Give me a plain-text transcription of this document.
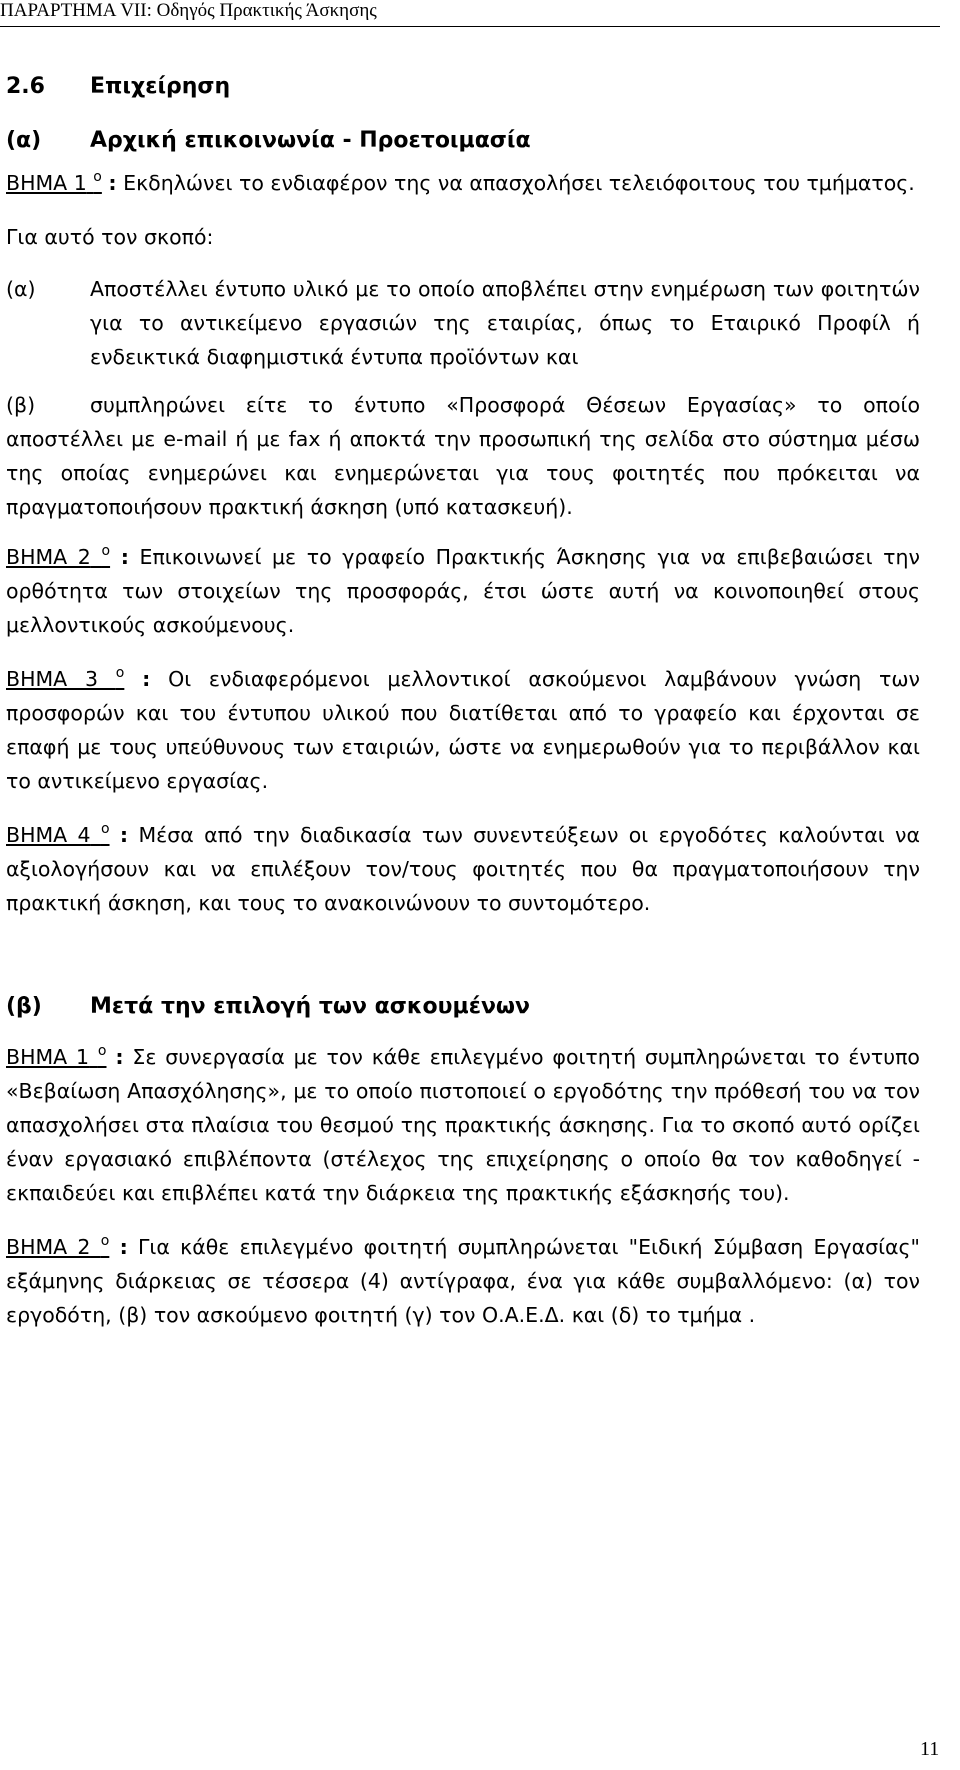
ΠΑΡΑΡΤΗΜΑ VII: Οδηγός Πρακτικής Άσκησης
2.6	Επιχείρηση
(α)	Αρχική επικοινωνία - Προετοιμασία

ΒΗΜΑ 1 $^o$ : Εκδηλώνει το ενδιαφέρον της να απασχολήσει τελειόφοιτους του τμήματος.

Για αυτό τον σκοπό:

(α)	Αποστέλλει έντυπο υλικό με το οποίο αποβλέπει στην ενημέρωση των φοιτητών για το αντικείμενο εργασιών της εταιρίας, όπως το Εταιρικό Προφίλ ή ενδεικτικά διαφημιστικά έντυπα προϊόντων και

(β)	συμπληρώνει είτε το έντυπο «Προσφορά Θέσεων Εργασίας» το οποίο αποστέλλει με e-mail ή με fax ή αποκτά την προσωπική της σελίδα στο σύστημα μέσω της οποίας ενημερώνει και ενημερώνεται για τους φοιτητές που πρόκειται να πραγματοποιήσουν πρακτική άσκηση (υπό κατασκευή).

ΒΗΜΑ 2 $^o$ : Επικοινωνεί με το γραφείο Πρακτικής Άσκησης για να επιβεβαιώσει την ορθότητα των στοιχείων της προσφοράς, έτσι ώστε αυτή να κοινοποιηθεί στους μελλοντικούς ασκούμενους.

ΒΗΜΑ 3 $^o$ : Οι ενδιαφερόμενοι μελλοντικοί ασκούμενοι λαμβάνουν γνώση των προσφορών και του έντυπου υλικού που διατίθεται από το γραφείο και έρχονται σε επαφή με τους υπεύθυνους των εταιριών, ώστε να ενημερωθούν για το περιβάλλον και το αντικείμενο εργασίας.

ΒΗΜΑ 4 $^o$ : Μέσα από την διαδικασία των συνεντεύξεων οι εργοδότες καλούνται να αξιολογήσουν και να επιλέξουν τον/τους φοιτητές που θα πραγματοποιήσουν την πρακτική άσκηση, και τους το ανακοινώνουν το συντομότερο.

(β)	Μετά την επιλογή των ασκουμένων

ΒΗΜΑ 1 $^o$ : Σε συνεργασία με τον κάθε επιλεγμένο φοιτητή συμπληρώνεται το έντυπο «Βεβαίωση Απασχόλησης», με το οποίο πιστοποιεί ο εργοδότης την πρόθεσή του να τον απασχολήσει στα πλαίσια του θεσμού της πρακτικής άσκησης. Για το σκοπό αυτό ορίζει έναν εργασιακό επιβλέποντα (στέλεχος της επιχείρησης ο οποίο θα τον καθοδηγεί - εκπαιδεύει και επιβλέπει κατά την διάρκεια της πρακτικής εξάσκησής του).

ΒΗΜΑ 2 $^o$ : Για κάθε επιλεγμένο φοιτητή συμπληρώνεται "Ειδική Σύμβαση Εργασίας" εξάμηνης διάρκειας σε τέσσερα (4) αντίγραφα, ένα για κάθε συμβαλλόμενο: (α) τον εργοδότη, (β) τον ασκούμενο φοιτητή (γ) τον Ο.Α.Ε.Δ. και (δ) το τμήμα .

11
